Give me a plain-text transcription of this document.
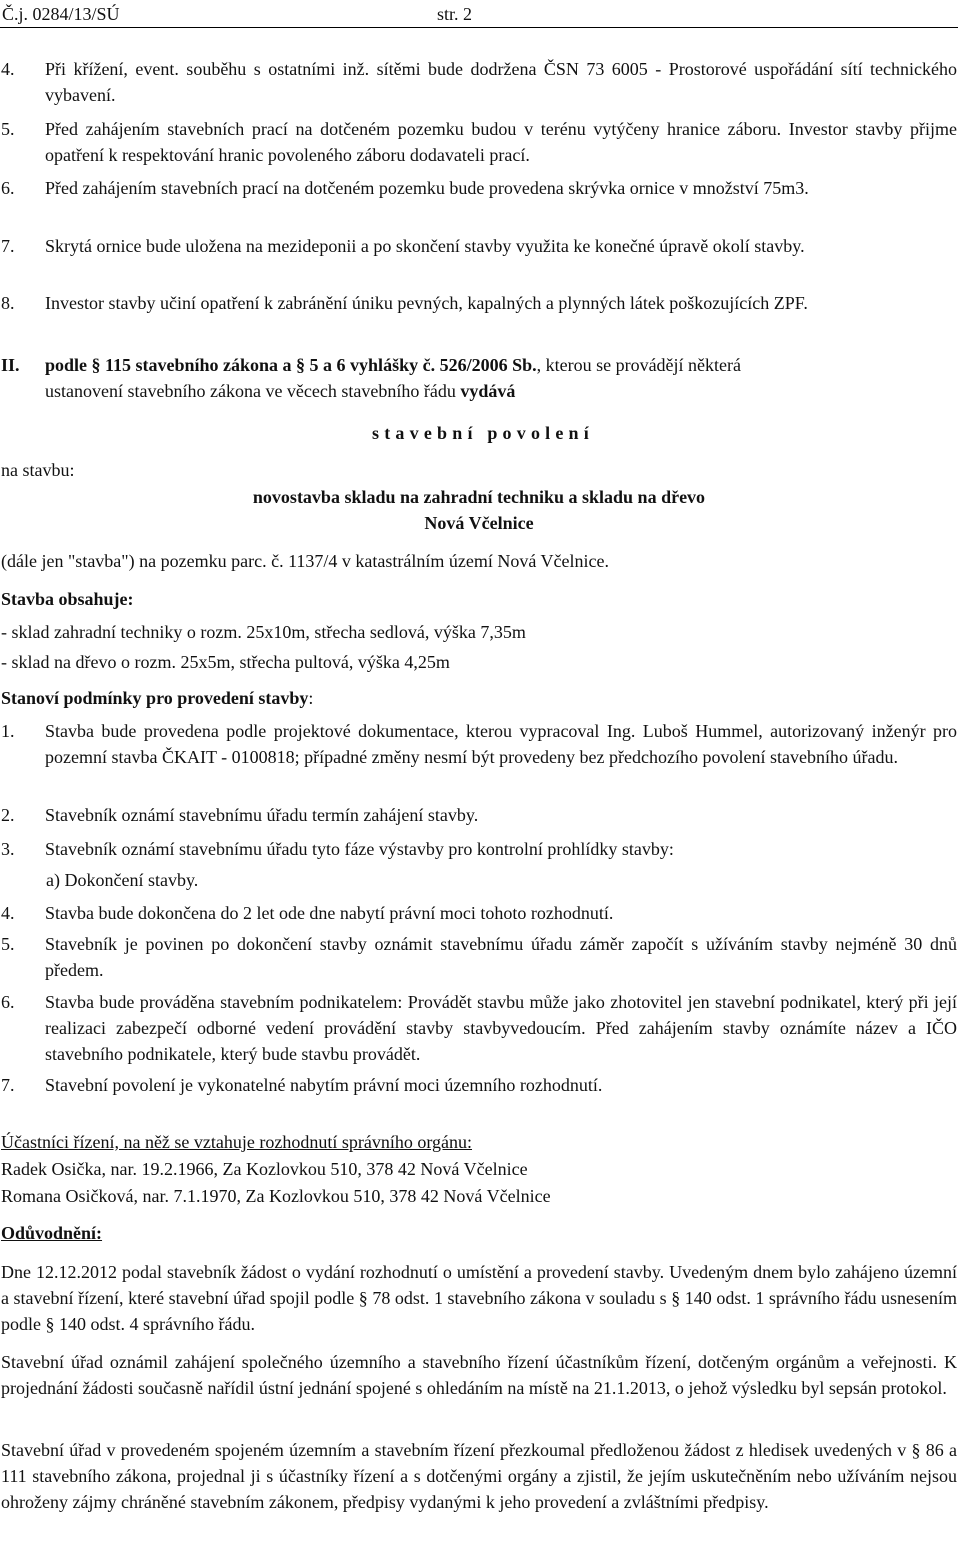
Č.j. 0284/13/SÚ	str. 2
4. Při křížení, event. souběhu s ostatními inž. sítěmi bude dodržena ČSN 73 6005 - Prostorové uspořádání sítí technického vybavení.
5. Před zahájením stavebních prací na dotčeném pozemku budou v terénu vytýčeny hranice záboru. Investor stavby přijme opatření k respektování hranic povoleného záboru dodavateli prací.
6. Před zahájením stavebních prací na dotčeném pozemku bude provedena skrývka ornice v množství 75m3.
7. Skrytá ornice bude uložena na mezideponii a po skončení stavby využita ke konečné úpravě okolí stavby.
8. Investor stavby učiní opatření k zabránění úniku pevných, kapalných a plynných látek poškozujících ZPF.
II. podle § 115 stavebního zákona a § 5 a 6 vyhlášky č. 526/2006 Sb., kterou se provádějí některá
ustanovení stavebního zákona ve věcech stavebního řádu vydává
stavební povolení
na stavbu:
novostavba skladu na zahradní techniku a skladu na dřevo
Nová Včelnice
(dále jen "stavba") na pozemku parc. č. 1137/4 v katastrálním území Nová Včelnice.
Stavba obsahuje:
- sklad zahradní techniky o rozm. 25x10m, střecha sedlová, výška 7,35m
- sklad na dřevo o rozm. 25x5m, střecha pultová, výška 4,25m
Stanoví podmínky pro provedení stavby:
1. Stavba bude provedena podle projektové dokumentace, kterou vypracoval Ing. Luboš Hummel, autorizovaný inženýr pro pozemní stavba ČKAIT - 0100818; případné změny nesmí být provedeny bez předchozího povolení stavebního úřadu.
2. Stavebník oznámí stavebnímu úřadu termín zahájení stavby.
3. Stavebník oznámí stavebnímu úřadu tyto fáze výstavby pro kontrolní prohlídky stavby:
a) Dokončení stavby.
4. Stavba bude dokončena do 2 let ode dne nabytí právní moci tohoto rozhodnutí.
5. Stavebník je povinen po dokončení stavby oznámit stavebnímu úřadu záměr započít s užíváním stavby nejméně 30 dnů předem.
6. Stavba bude prováděna stavebním podnikatelem: Provádět stavbu může jako zhotovitel jen stavební podnikatel, který při její realizaci zabezpečí odborné vedení provádění stavby stavbyvedoucím. Před zahájením stavby oznámíte název a IČO stavebního podnikatele, který bude stavbu provádět.
7. Stavební povolení je vykonatelné nabytím právní moci územního rozhodnutí.
Účastníci řízení, na něž se vztahuje rozhodnutí správního orgánu:
Radek Osička, nar. 19.2.1966, Za Kozlovkou 510, 378 42 Nová Včelnice
Romana Osičková, nar. 7.1.1970, Za Kozlovkou 510, 378 42 Nová Včelnice
Odůvodnění:
Dne 12.12.2012 podal stavebník žádost o vydání rozhodnutí o umístění a provedení stavby. Uvedeným dnem bylo zahájeno územní a stavební řízení, které stavební úřad spojil podle § 78 odst. 1 stavebního zákona v souladu s § 140 odst. 1 správního řádu usnesením podle § 140 odst. 4 správního řádu.
Stavební úřad oznámil zahájení společného územního a stavebního řízení účastníkům řízení, dotčeným orgánům a veřejnosti. K projednání žádosti současně nařídil ústní jednání spojené s ohledáním na místě na 21.1.2013, o jehož výsledku byl sepsán protokol.
Stavební úřad v provedeném spojeném územním a stavebním řízení přezkoumal předloženou žádost z hledisek uvedených v § 86 a 111 stavebního zákona, projednal ji s účastníky řízení a s dotčenými orgány a zjistil, že jejím uskutečněním nebo užíváním nejsou ohroženy zájmy chráněné stavebním zákonem, předpisy vydanými k jeho provedení a zvláštními předpisy.
